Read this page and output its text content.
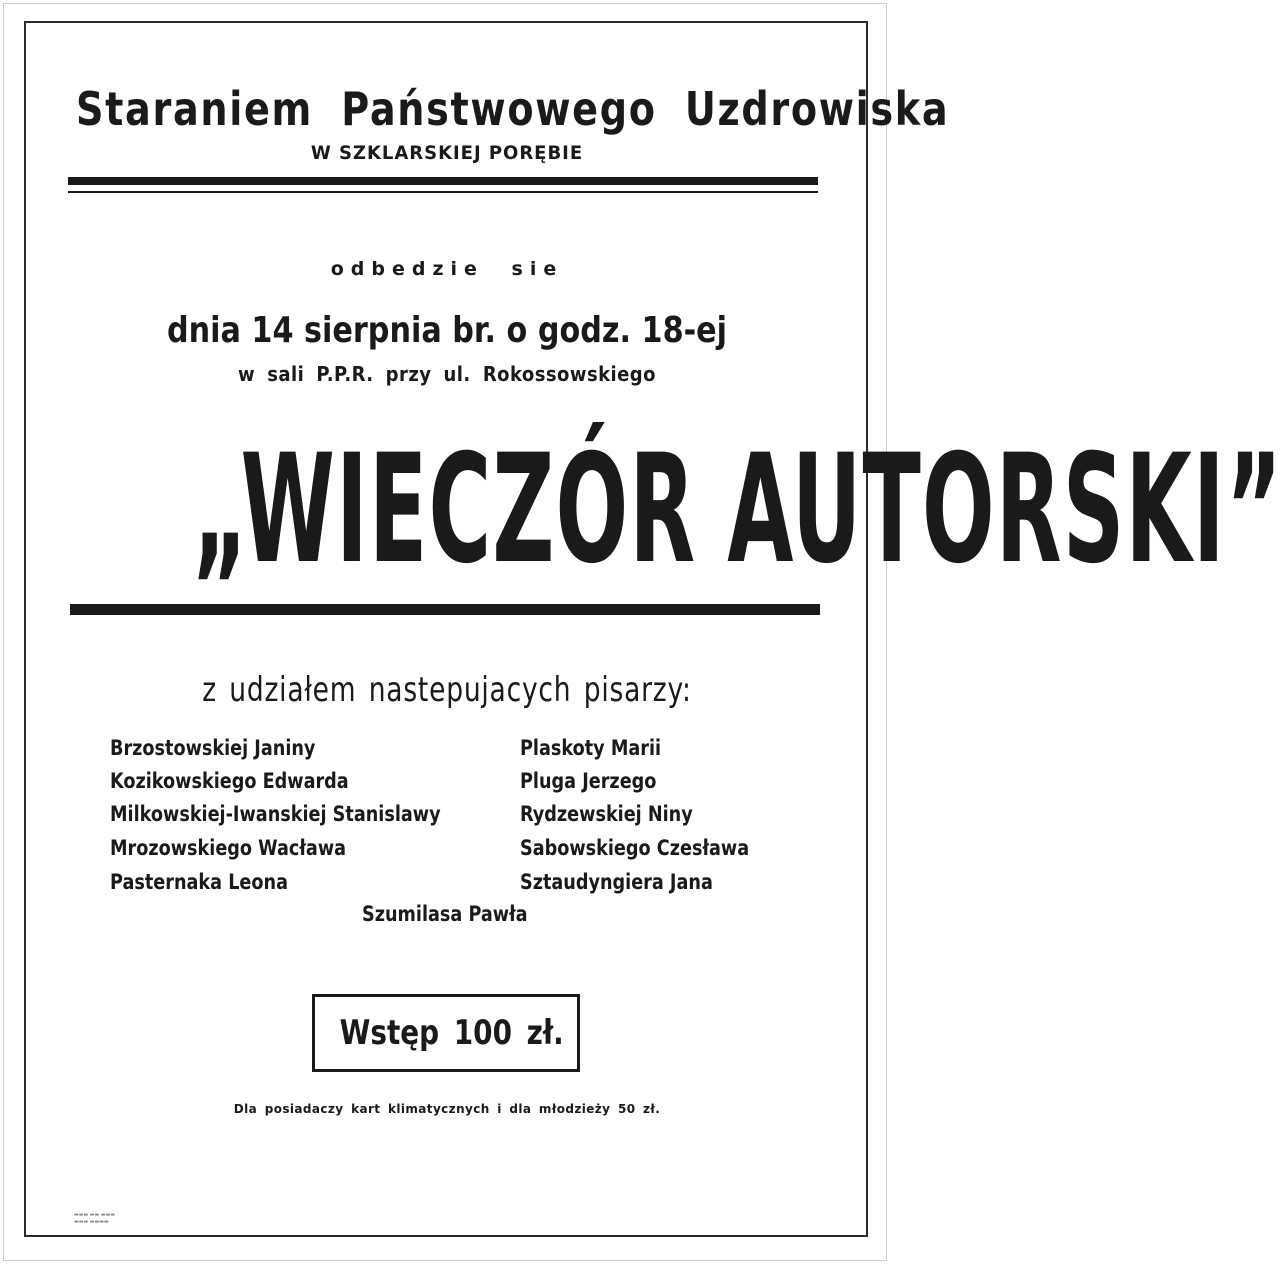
Staraniem Państwowego Uzdrowiska
W SZKLARSKIEJ PORĘBIE
odbedzie sie
dnia 14 sierpnia br. o godz. 18-ej
w sali P.P.R. przy ul. Rokossowskiego
„WIECZÓR AUTORSKI”
z udziałem nastepujacych pisarzy:
Brzostowskiej Janiny
Kozikowskiego Edwarda
Milkowskiej-Iwanskiej Stanislawy
Mrozowskiego Wacława
Pasternaka Leona
Plaskoty Marii
Pluga Jerzego
Rydzewskiej Niny
Sabowskiego Czesława
Sztaudyngiera Jana
Szumilasa Pawła
Wstęp 100 zł.
Dla posiadaczy kart klimatycznych i dla młodzieży 50 zł.
▬▬▬ ▬▬ ▬▬▬
▬▬▬ ▬▬▬▬
